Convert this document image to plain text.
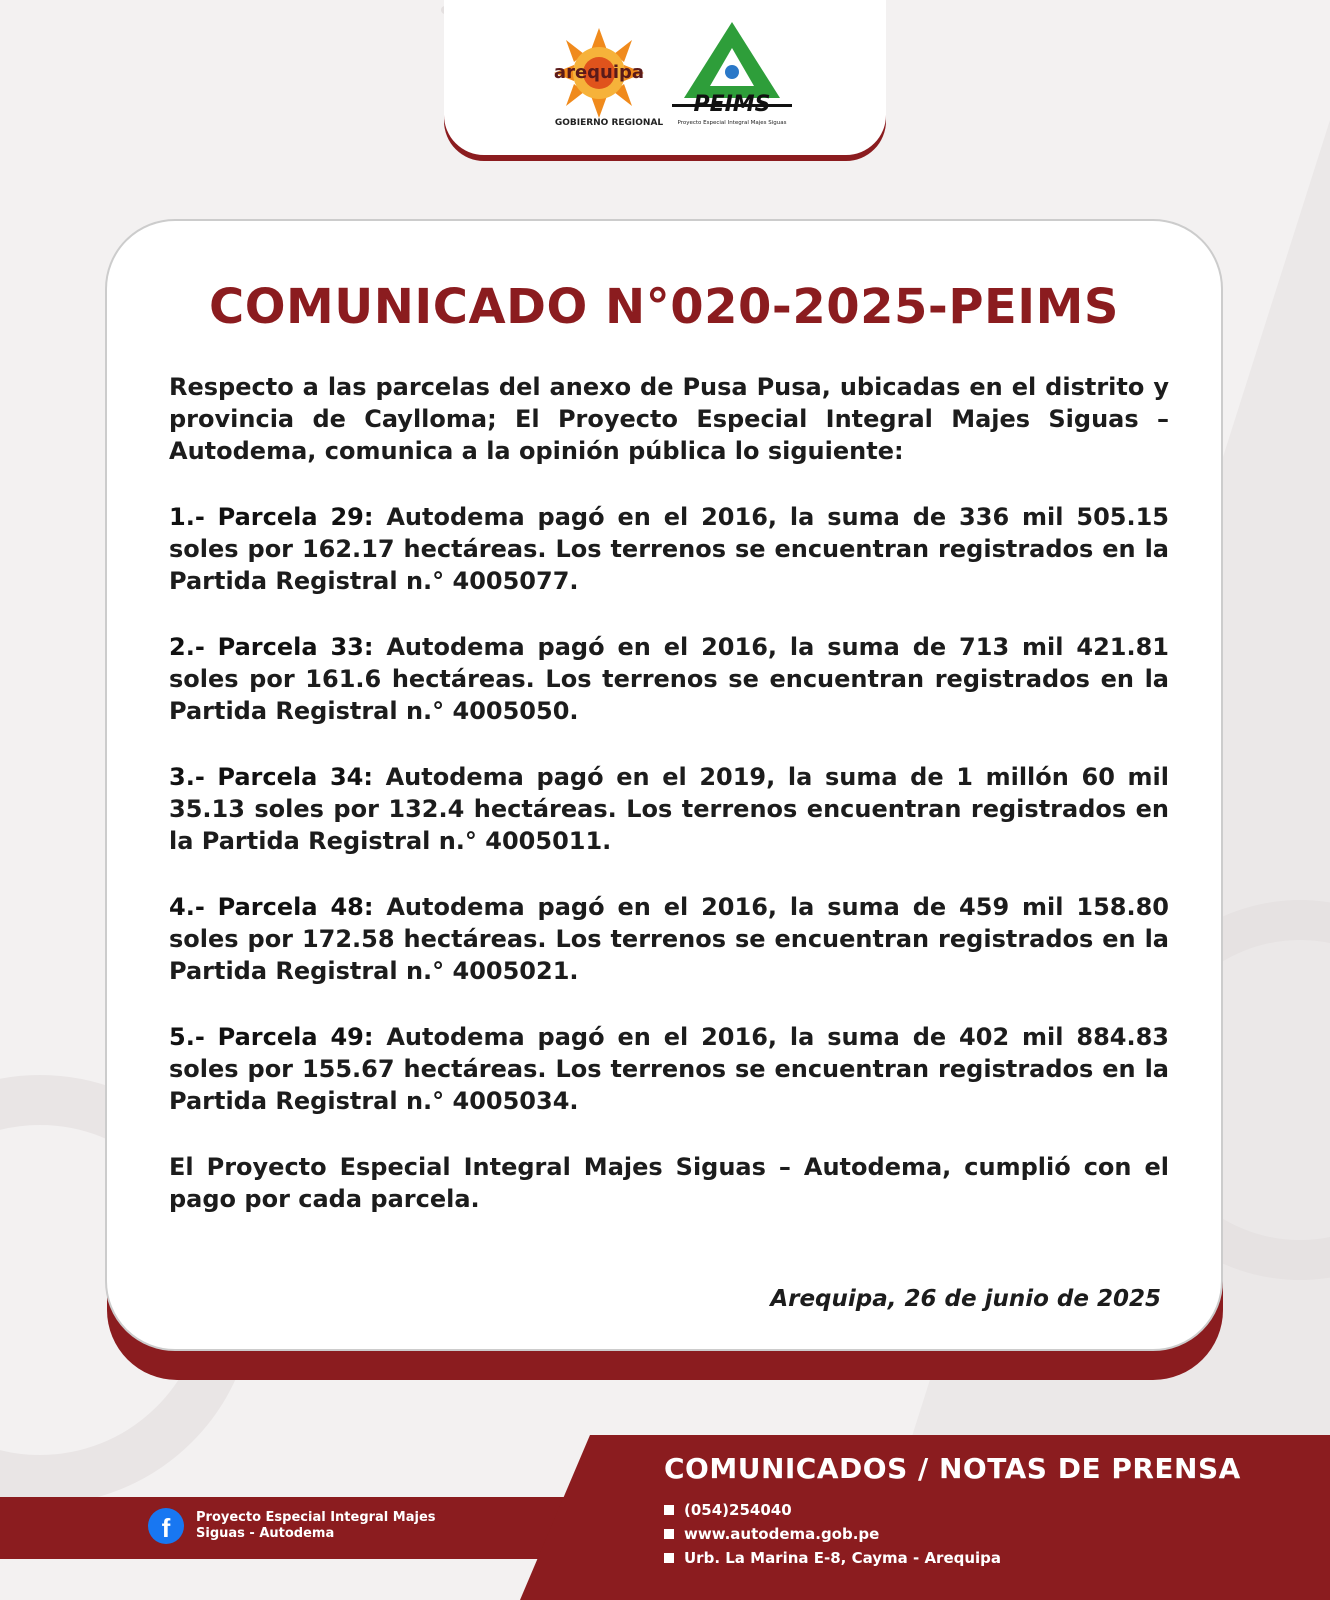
arequipa
GOBIERNO REGIONAL
PEIMS
Proyecto Especial Integral Majes Siguas
COMUNICADO N°020-2025-PEIMS

Respecto a las parcelas del anexo de Pusa Pusa, ubicadas en el distrito y provincia de Caylloma; El Proyecto Especial Integral Majes Siguas – Autodema, comunica a la opinión pública lo siguiente:

1.- Parcela 29: Autodema pagó en el 2016, la suma de 336 mil 505.15 soles por 162.17 hectáreas. Los terrenos se encuentran registrados en la Partida Registral n.° 4005077.
2.- Parcela 33: Autodema pagó en el 2016, la suma de 713 mil 421.81 soles por 161.6 hectáreas. Los terrenos se encuentran registrados en la Partida Registral n.° 4005050.
3.- Parcela 34: Autodema pagó en el 2019, la suma de 1 millón 60 mil 35.13 soles por 132.4 hectáreas. Los terrenos encuentran registrados en la Partida Registral n.° 4005011.
4.- Parcela 48: Autodema pagó en el 2016, la suma de 459 mil 158.80 soles por 172.58 hectáreas. Los terrenos se encuentran registrados en la Partida Registral n.° 4005021.
5.- Parcela 49: Autodema pagó en el 2016, la suma de 402 mil 884.83 soles por 155.67 hectáreas. Los terrenos se encuentran registrados en la Partida Registral n.° 4005034.

El Proyecto Especial Integral Majes Siguas – Autodema, cumplió con el pago por cada parcela.

Arequipa, 26 de junio de 2025
f	Proyecto Especial Integral Majes Siguas - Autodema
COMUNICADOS / NOTAS DE PRENSA
(054)254040
www.autodema.gob.pe
Urb. La Marina E-8, Cayma - Arequipa
